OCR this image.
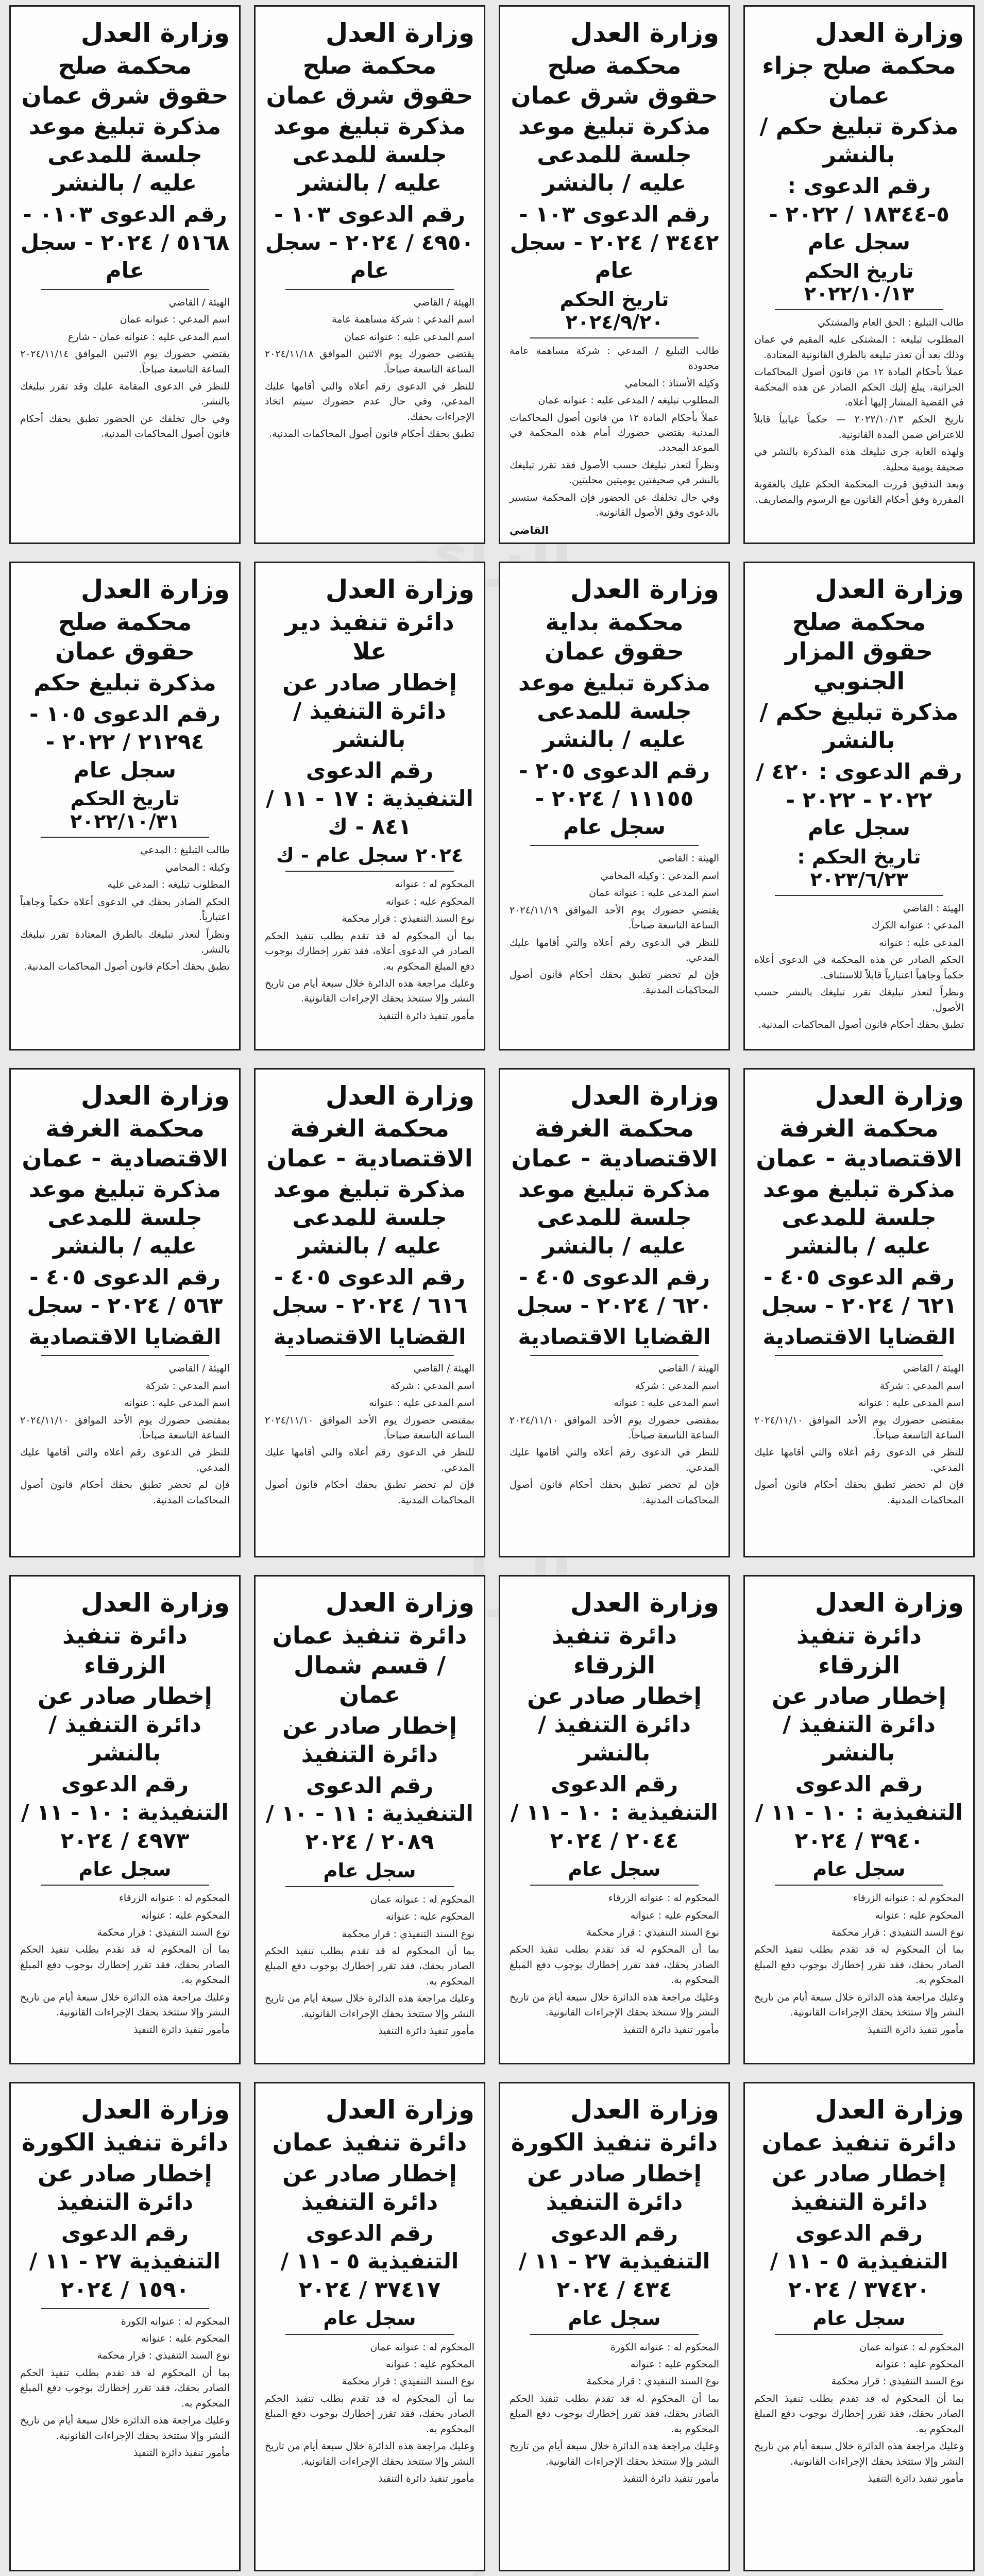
وزارة العدل
محكمة صلح جزاء عمان
مذكرة تبليغ حكم / بالنشر
رقم الدعوى : ٥-١٨٣٤٤ / ٢٠٢٢ - سجل عام
تاريخ الحكم ٢٠٢٢/١٠/١٣

طالب التبليغ : الحق العام والمشتكي

المطلوب تبليغه : المشتكى عليه المقيم في عمان وذلك بعد أن تعذر تبليغه بالطرق القانونية المعتادة.

عملاً بأحكام المادة ١٢ من قانون أصول المحاكمات الجزائية، يبلغ إليك الحكم الصادر عن هذه المحكمة في القضية المشار إليها أعلاه.

تاريخ الحكم ٢٠٢٢/١٠/١٣ — حكماً غيابياً قابلاً للاعتراض ضمن المدة القانونية.

ولهذه الغاية جرى تبليغك هذه المذكرة بالنشر في صحيفة يومية محلية.

وبعد التدقيق قررت المحكمة الحكم عليك بالعقوبة المقررة وفق أحكام القانون مع الرسوم والمصاريف.

وزارة العدل
محكمة صلح حقوق شرق عمان
مذكرة تبليغ موعد جلسة للمدعى عليه / بالنشر
رقم الدعوى ١٠٣ - ٣٤٤٢ / ٢٠٢٤ - سجل عام
تاريخ الحكم ٢٠٢٤/٩/٢٠

طالب التبليغ / المدعي : شركة مساهمة عامة محدودة

وكيله الأستاذ : المحامي

المطلوب تبليغه / المدعى عليه : عنوانه عمان

عملاً بأحكام المادة ١٢ من قانون أصول المحاكمات المدنية يقتضي حضورك أمام هذه المحكمة في الموعد المحدد.

ونظراً لتعذر تبليغك حسب الأصول فقد تقرر تبليغك بالنشر في صحيفتين يوميتين محليتين.

وفي حال تخلفك عن الحضور فإن المحكمة ستسير بالدعوى وفق الأصول القانونية.

القاضي
وزارة العدل
محكمة صلح حقوق شرق عمان
مذكرة تبليغ موعد جلسة للمدعى عليه / بالنشر
رقم الدعوى ١٠٣ - ٤٩٥٠ / ٢٠٢٤ - سجل عام

الهيئة / القاضي

اسم المدعي : شركة مساهمة عامة

اسم المدعى عليه : عنوانه عمان

يقتضي حضورك يوم الاثنين الموافق ٢٠٢٤/١١/١٨ الساعة التاسعة صباحاً.

للنظر في الدعوى رقم أعلاه والتي أقامها عليك المدعي، وفي حال عدم حضورك سيتم اتخاذ الإجراءات بحقك.

تطبق بحقك أحكام قانون أصول المحاكمات المدنية.

وزارة العدل
محكمة صلح حقوق شرق عمان
مذكرة تبليغ موعد جلسة للمدعى عليه / بالنشر
رقم الدعوى ٠١٠٣ - ٥١٦٨ / ٢٠٢٤ - سجل عام

الهيئة / القاضي

اسم المدعي : عنوانه عمان

اسم المدعى عليه : عنوانه عمان - شارع

يقتضي حضورك يوم الاثنين الموافق ٢٠٢٤/١١/١٤ الساعة التاسعة صباحاً.

للنظر في الدعوى المقامة عليك وقد تقرر تبليغك بالنشر.

وفي حال تخلفك عن الحضور تطبق بحقك أحكام قانون أصول المحاكمات المدنية.

وزارة العدل
محكمة صلح حقوق المزار الجنوبي
مذكرة تبليغ حكم / بالنشر
رقم الدعوى : ٤٢٠ / ٢٠٢٢ - ٢٠٢٢ - سجل عام
تاريخ الحكم : ٢٠٢٣/٦/٢٣

الهيئة : القاضي

المدعي : عنوانه الكرك

المدعى عليه : عنوانه

الحكم الصادر عن هذه المحكمة في الدعوى أعلاه حكماً وجاهياً اعتبارياً قابلاً للاستئناف.

ونظراً لتعذر تبليغك تقرر تبليغك بالنشر حسب الأصول.

تطبق بحقك أحكام قانون أصول المحاكمات المدنية.

وزارة العدل
محكمة بداية حقوق عمان
مذكرة تبليغ موعد جلسة للمدعى عليه / بالنشر
رقم الدعوى ٢٠٥ - ١١١٥٥ / ٢٠٢٤ - سجل عام

الهيئة : القاضي

اسم المدعي : وكيله المحامي

اسم المدعى عليه : عنوانه عمان

يقتضي حضورك يوم الأحد الموافق ٢٠٢٤/١١/١٩ الساعة التاسعة صباحاً.

للنظر في الدعوى رقم أعلاه والتي أقامها عليك المدعي.

فإن لم تحضر تطبق بحقك أحكام قانون أصول المحاكمات المدنية.

وزارة العدل
دائرة تنفيذ دير علا
إخطار صادر عن دائرة التنفيذ / بالنشر
رقم الدعوى التنفيذية : ١٧ - ١١ / ٨٤١ - ك
٢٠٢٤ سجل عام - ك

المحكوم له : عنوانه

المحكوم عليه : عنوانه

نوع السند التنفيذي : قرار محكمة

بما أن المحكوم له قد تقدم بطلب تنفيذ الحكم الصادر في الدعوى أعلاه، فقد تقرر إخطارك بوجوب دفع المبلغ المحكوم به.

وعليك مراجعة هذه الدائرة خلال سبعة أيام من تاريخ النشر وإلا ستتخذ بحقك الإجراءات القانونية.

مأمور تنفيذ دائرة التنفيذ

وزارة العدل
محكمة صلح حقوق عمان
مذكرة تبليغ حكم
رقم الدعوى ١٠٥ - ٢١٢٩٤ / ٢٠٢٢ - سجل عام
تاريخ الحكم ٢٠٢٢/١٠/٣١

طالب التبليغ : المدعي

وكيله : المحامي

المطلوب تبليغه : المدعى عليه

الحكم الصادر بحقك في الدعوى أعلاه حكماً وجاهياً اعتبارياً.

ونظراً لتعذر تبليغك بالطرق المعتادة تقرر تبليغك بالنشر.

تطبق بحقك أحكام قانون أصول المحاكمات المدنية.

وزارة العدل
محكمة الغرفة الاقتصادية - عمان
مذكرة تبليغ موعد جلسة للمدعى عليه / بالنشر
رقم الدعوى ٤٠٥ - ٦٢١ / ٢٠٢٤ - سجل
القضايا الاقتصادية

الهيئة / القاضي

اسم المدعي : شركة

اسم المدعى عليه : عنوانه

بمقتضى حضورك يوم الأحد الموافق ٢٠٢٤/١١/١٠ الساعة التاسعة صباحاً.

للنظر في الدعوى رقم أعلاه والتي أقامها عليك المدعي.

فإن لم تحضر تطبق بحقك أحكام قانون أصول المحاكمات المدنية.

وزارة العدل
محكمة الغرفة الاقتصادية - عمان
مذكرة تبليغ موعد جلسة للمدعى عليه / بالنشر
رقم الدعوى ٤٠٥ - ٦٢٠ / ٢٠٢٤ - سجل
القضايا الاقتصادية

الهيئة / القاضي

اسم المدعي : شركة

اسم المدعى عليه : عنوانه

بمقتضى حضورك يوم الأحد الموافق ٢٠٢٤/١١/١٠ الساعة التاسعة صباحاً.

للنظر في الدعوى رقم أعلاه والتي أقامها عليك المدعي.

فإن لم تحضر تطبق بحقك أحكام قانون أصول المحاكمات المدنية.

وزارة العدل
محكمة الغرفة الاقتصادية - عمان
مذكرة تبليغ موعد جلسة للمدعى عليه / بالنشر
رقم الدعوى ٤٠٥ - ٦١٦ / ٢٠٢٤ - سجل
القضايا الاقتصادية

الهيئة / القاضي

اسم المدعي : شركة

اسم المدعى عليه : عنوانه

بمقتضى حضورك يوم الأحد الموافق ٢٠٢٤/١١/١٠ الساعة التاسعة صباحاً.

للنظر في الدعوى رقم أعلاه والتي أقامها عليك المدعي.

فإن لم تحضر تطبق بحقك أحكام قانون أصول المحاكمات المدنية.

وزارة العدل
محكمة الغرفة الاقتصادية - عمان
مذكرة تبليغ موعد جلسة للمدعى عليه / بالنشر
رقم الدعوى ٤٠٥ - ٥٦٣ / ٢٠٢٤ - سجل
القضايا الاقتصادية

الهيئة / القاضي

اسم المدعي : شركة

اسم المدعى عليه : عنوانه

بمقتضى حضورك يوم الأحد الموافق ٢٠٢٤/١١/١٠ الساعة التاسعة صباحاً.

للنظر في الدعوى رقم أعلاه والتي أقامها عليك المدعي.

فإن لم تحضر تطبق بحقك أحكام قانون أصول المحاكمات المدنية.

وزارة العدل
دائرة تنفيذ الزرقاء
إخطار صادر عن دائرة التنفيذ / بالنشر
رقم الدعوى التنفيذية : ١٠ - ١١ / ٣٩٤٠ / ٢٠٢٤
سجل عام

المحكوم له : عنوانه الزرقاء

المحكوم عليه : عنوانه

نوع السند التنفيذي : قرار محكمة

بما أن المحكوم له قد تقدم بطلب تنفيذ الحكم الصادر بحقك، فقد تقرر إخطارك بوجوب دفع المبلغ المحكوم به.

وعليك مراجعة هذه الدائرة خلال سبعة أيام من تاريخ النشر وإلا ستتخذ بحقك الإجراءات القانونية.

مأمور تنفيذ دائرة التنفيذ

وزارة العدل
دائرة تنفيذ الزرقاء
إخطار صادر عن دائرة التنفيذ / بالنشر
رقم الدعوى التنفيذية : ١٠ - ١١ / ٢٠٤٤ / ٢٠٢٤
سجل عام

المحكوم له : عنوانه الزرقاء

المحكوم عليه : عنوانه

نوع السند التنفيذي : قرار محكمة

بما أن المحكوم له قد تقدم بطلب تنفيذ الحكم الصادر بحقك، فقد تقرر إخطارك بوجوب دفع المبلغ المحكوم به.

وعليك مراجعة هذه الدائرة خلال سبعة أيام من تاريخ النشر وإلا ستتخذ بحقك الإجراءات القانونية.

مأمور تنفيذ دائرة التنفيذ

وزارة العدل
دائرة تنفيذ عمان / قسم شمال عمان
إخطار صادر عن دائرة التنفيذ
رقم الدعوى التنفيذية : ١١ - ١٠ / ٢٠٨٩ / ٢٠٢٤
سجل عام

المحكوم له : عنوانه عمان

المحكوم عليه : عنوانه

نوع السند التنفيذي : قرار محكمة

بما أن المحكوم له قد تقدم بطلب تنفيذ الحكم الصادر بحقك، فقد تقرر إخطارك بوجوب دفع المبلغ المحكوم به.

وعليك مراجعة هذه الدائرة خلال سبعة أيام من تاريخ النشر وإلا ستتخذ بحقك الإجراءات القانونية.

مأمور تنفيذ دائرة التنفيذ

وزارة العدل
دائرة تنفيذ الزرقاء
إخطار صادر عن دائرة التنفيذ / بالنشر
رقم الدعوى التنفيذية : ١٠ - ١١ / ٤٩٧٣ / ٢٠٢٤
سجل عام

المحكوم له : عنوانه الزرقاء

المحكوم عليه : عنوانه

نوع السند التنفيذي : قرار محكمة

بما أن المحكوم له قد تقدم بطلب تنفيذ الحكم الصادر بحقك، فقد تقرر إخطارك بوجوب دفع المبلغ المحكوم به.

وعليك مراجعة هذه الدائرة خلال سبعة أيام من تاريخ النشر وإلا ستتخذ بحقك الإجراءات القانونية.

مأمور تنفيذ دائرة التنفيذ

وزارة العدل
دائرة تنفيذ عمان
إخطار صادر عن دائرة التنفيذ
رقم الدعوى التنفيذية ٥ - ١١ / ٣٧٤٢٠ / ٢٠٢٤
سجل عام

المحكوم له : عنوانه عمان

المحكوم عليه : عنوانه

نوع السند التنفيذي : قرار محكمة

بما أن المحكوم له قد تقدم بطلب تنفيذ الحكم الصادر بحقك، فقد تقرر إخطارك بوجوب دفع المبلغ المحكوم به.

وعليك مراجعة هذه الدائرة خلال سبعة أيام من تاريخ النشر وإلا ستتخذ بحقك الإجراءات القانونية.

مأمور تنفيذ دائرة التنفيذ

وزارة العدل
دائرة تنفيذ الكورة
إخطار صادر عن دائرة التنفيذ
رقم الدعوى التنفيذية ٢٧ - ١١ / ٤٣٤ / ٢٠٢٤
سجل عام

المحكوم له : عنوانه الكورة

المحكوم عليه : عنوانه

نوع السند التنفيذي : قرار محكمة

بما أن المحكوم له قد تقدم بطلب تنفيذ الحكم الصادر بحقك، فقد تقرر إخطارك بوجوب دفع المبلغ المحكوم به.

وعليك مراجعة هذه الدائرة خلال سبعة أيام من تاريخ النشر وإلا ستتخذ بحقك الإجراءات القانونية.

مأمور تنفيذ دائرة التنفيذ

وزارة العدل
دائرة تنفيذ عمان
إخطار صادر عن دائرة التنفيذ
رقم الدعوى التنفيذية ٥ - ١١ / ٣٧٤١٧ / ٢٠٢٤
سجل عام

المحكوم له : عنوانه عمان

المحكوم عليه : عنوانه

نوع السند التنفيذي : قرار محكمة

بما أن المحكوم له قد تقدم بطلب تنفيذ الحكم الصادر بحقك، فقد تقرر إخطارك بوجوب دفع المبلغ المحكوم به.

وعليك مراجعة هذه الدائرة خلال سبعة أيام من تاريخ النشر وإلا ستتخذ بحقك الإجراءات القانونية.

مأمور تنفيذ دائرة التنفيذ

وزارة العدل
دائرة تنفيذ الكورة
إخطار صادر عن دائرة التنفيذ
رقم الدعوى التنفيذية ٢٧ - ١١ / ١٥٩٠ / ٢٠٢٤

المحكوم له : عنوانه الكورة

المحكوم عليه : عنوانه

نوع السند التنفيذي : قرار محكمة

بما أن المحكوم له قد تقدم بطلب تنفيذ الحكم الصادر بحقك، فقد تقرر إخطارك بوجوب دفع المبلغ المحكوم به.

وعليك مراجعة هذه الدائرة خلال سبعة أيام من تاريخ النشر وإلا ستتخذ بحقك الإجراءات القانونية.

مأمور تنفيذ دائرة التنفيذ
